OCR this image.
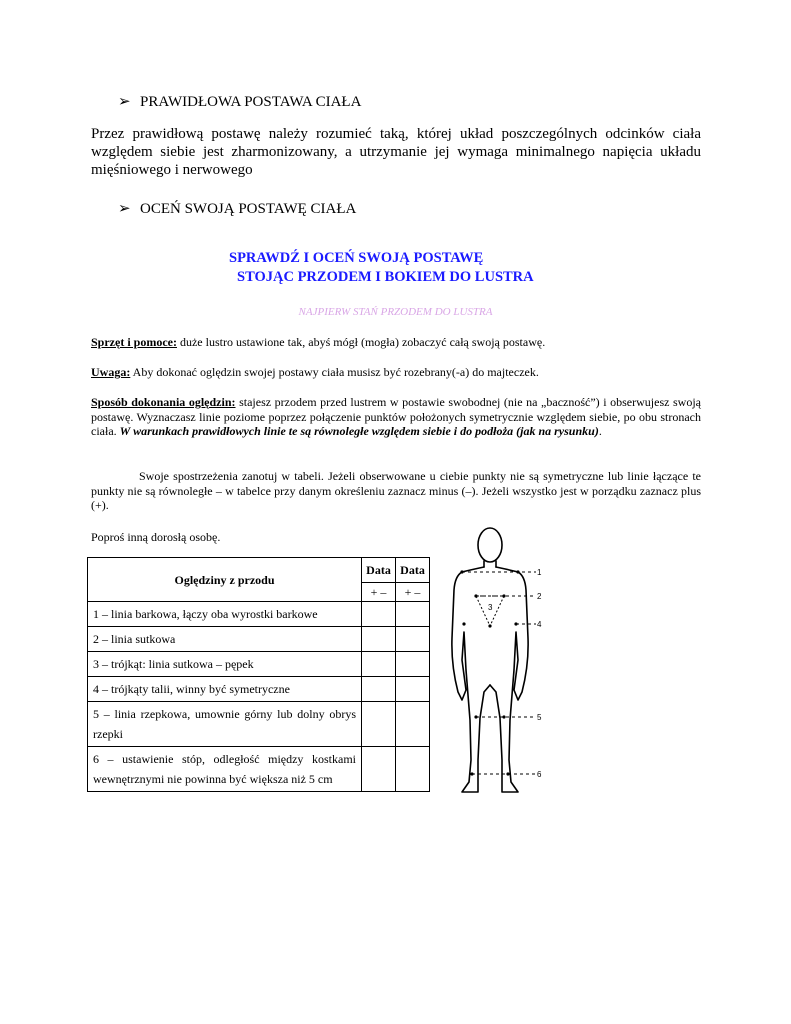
➢ PRAWIDŁOWA POSTAWA CIAŁA
Przez prawidłową postawę należy rozumieć taką, której układ poszczególnych odcinków ciała względem siebie jest zharmonizowany, a utrzymanie jej wymaga minimalnego napięcia układu mięśniowego i nerwowego
➢ OCEŃ SWOJĄ POSTAWĘ CIAŁA
SPRAWDŹ I OCEŃ SWOJĄ POSTAWĘ
STOJĄC PRZODEM I BOKIEM DO LUSTRA
NAJPIERW STAŃ PRZODEM DO LUSTRA
Sprzęt i pomoce: duże lustro ustawione tak, abyś mógł (mogła) zobaczyć całą swoją postawę.
Uwaga: Aby dokonać oględzin swojej postawy ciała musisz być rozebrany(-a) do majteczek.
Sposób dokonania oględzin: stajesz przodem przed lustrem w postawie swobodnej (nie na „baczność”) i obserwujesz swoją postawę. Wyznaczasz linie poziome poprzez połączenie punktów położonych symetrycznie względem siebie, po obu stronach ciała. W warunkach prawidłowych linie te są równoległe względem siebie i do podłoża (jak na rysunku).
Swoje spostrzeżenia zanotuj w tabeli. Jeżeli obserwowane u ciebie punkty nie są symetryczne lub linie łączące te punkty nie są równoległe – w tabelce przy danym określeniu zaznacz minus (–). Jeżeli wszystko jest w porządku zaznacz plus (+).
Poproś inną dorosłą osobę.
Oględziny z przodu	Data	Data
	+ –	+ –
1 – linia barkowa, łączy oba wyrostki barkowe		
2 – linia sutkowa		
3 – trójkąt: linia sutkowa – pępek		
4 – trójkąty talii, winny być symetryczne		
5 – linia rzepkowa, umownie górny lub dolny obrys rzepki		
6 – ustawienie stóp, odległość między kostkami wewnętrznymi nie powinna być większa niż 5 cm		
1
2
3
4
5
6
